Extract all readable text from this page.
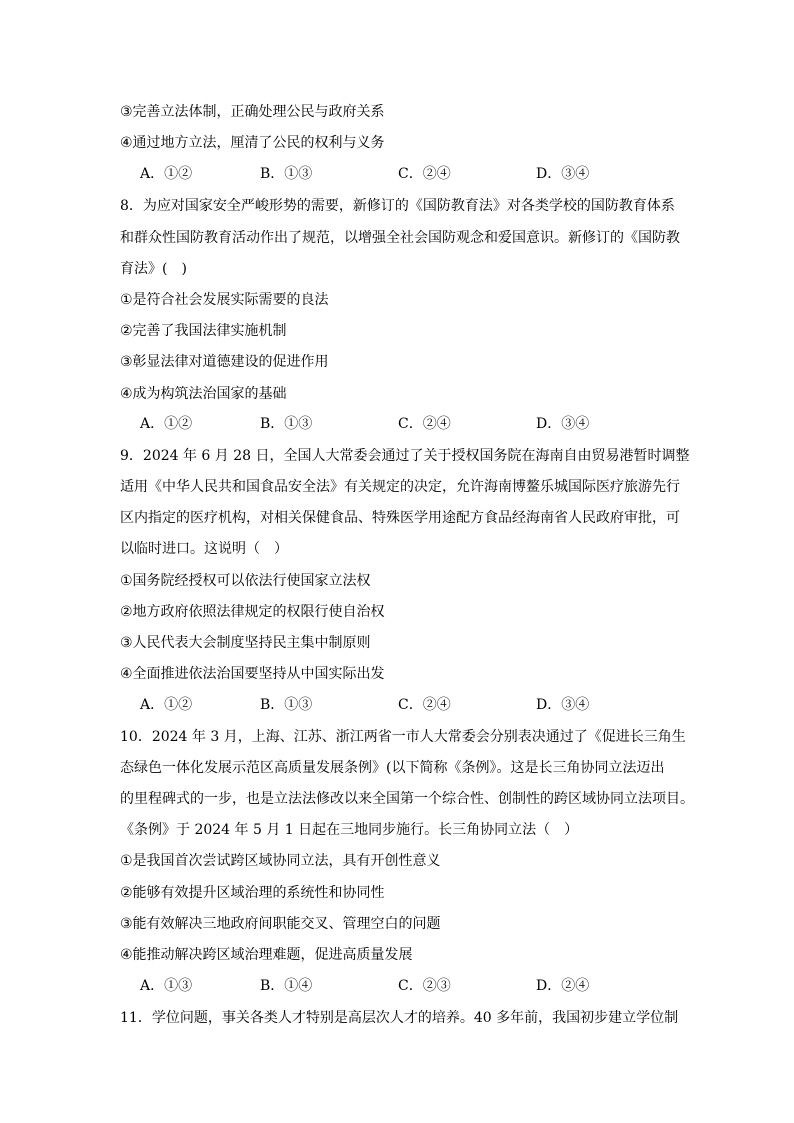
③完善立法体制，正确处理公民与政府关系
④通过地方立法，厘清了公民的权利与义务
A．①②	B．①③	C．②④	D．③④
8．为应对国家安全严峻形势的需要，新修订的《国防教育法》对各类学校的国防教育体系
和群众性国防教育活动作出了规范，以增强全社会国防观念和爱国意识。新修订的《国防教
育法》(　)
①是符合社会发展实际需要的良法
②完善了我国法律实施机制
③彰显法律对道德建设的促进作用
④成为构筑法治国家的基础
A．①②	B．①③	C．②④	D．③④
9．2024 年 6 月 28 日，全国人大常委会通过了关于授权国务院在海南自由贸易港暂时调整
适用《中华人民共和国食品安全法》有关规定的决定，允许海南博鳌乐城国际医疗旅游先行
区内指定的医疗机构，对相关保健食品、特殊医学用途配方食品经海南省人民政府审批，可
以临时进口。这说明（　）
①国务院经授权可以依法行使国家立法权
②地方政府依照法律规定的权限行使自治权
③人民代表大会制度坚持民主集中制原则
④全面推进依法治国要坚持从中国实际出发
A．①②	B．①③	C．②④	D．③④
10．2024 年 3 月，上海、江苏、浙江两省一市人大常委会分别表决通过了《促进长三角生
态绿色一体化发展示范区高质量发展条例》(以下简称《条例》。这是长三角协同立法迈出
的里程碑式的一步，也是立法法修改以来全国第一个综合性、创制性的跨区域协同立法项目。
《条例》于 2024 年 5 月 1 日起在三地同步施行。长三角协同立法（　）
①是我国首次尝试跨区域协同立法，具有开创性意义
②能够有效提升区域治理的系统性和协同性
③能有效解决三地政府间职能交叉、管理空白的问题
④能推动解决跨区域治理难题，促进高质量发展
A．①③	B．①④	C．②③	D．②④
11．学位问题，事关各类人才特别是高层次人才的培养。40 多年前，我国初步建立学位制
